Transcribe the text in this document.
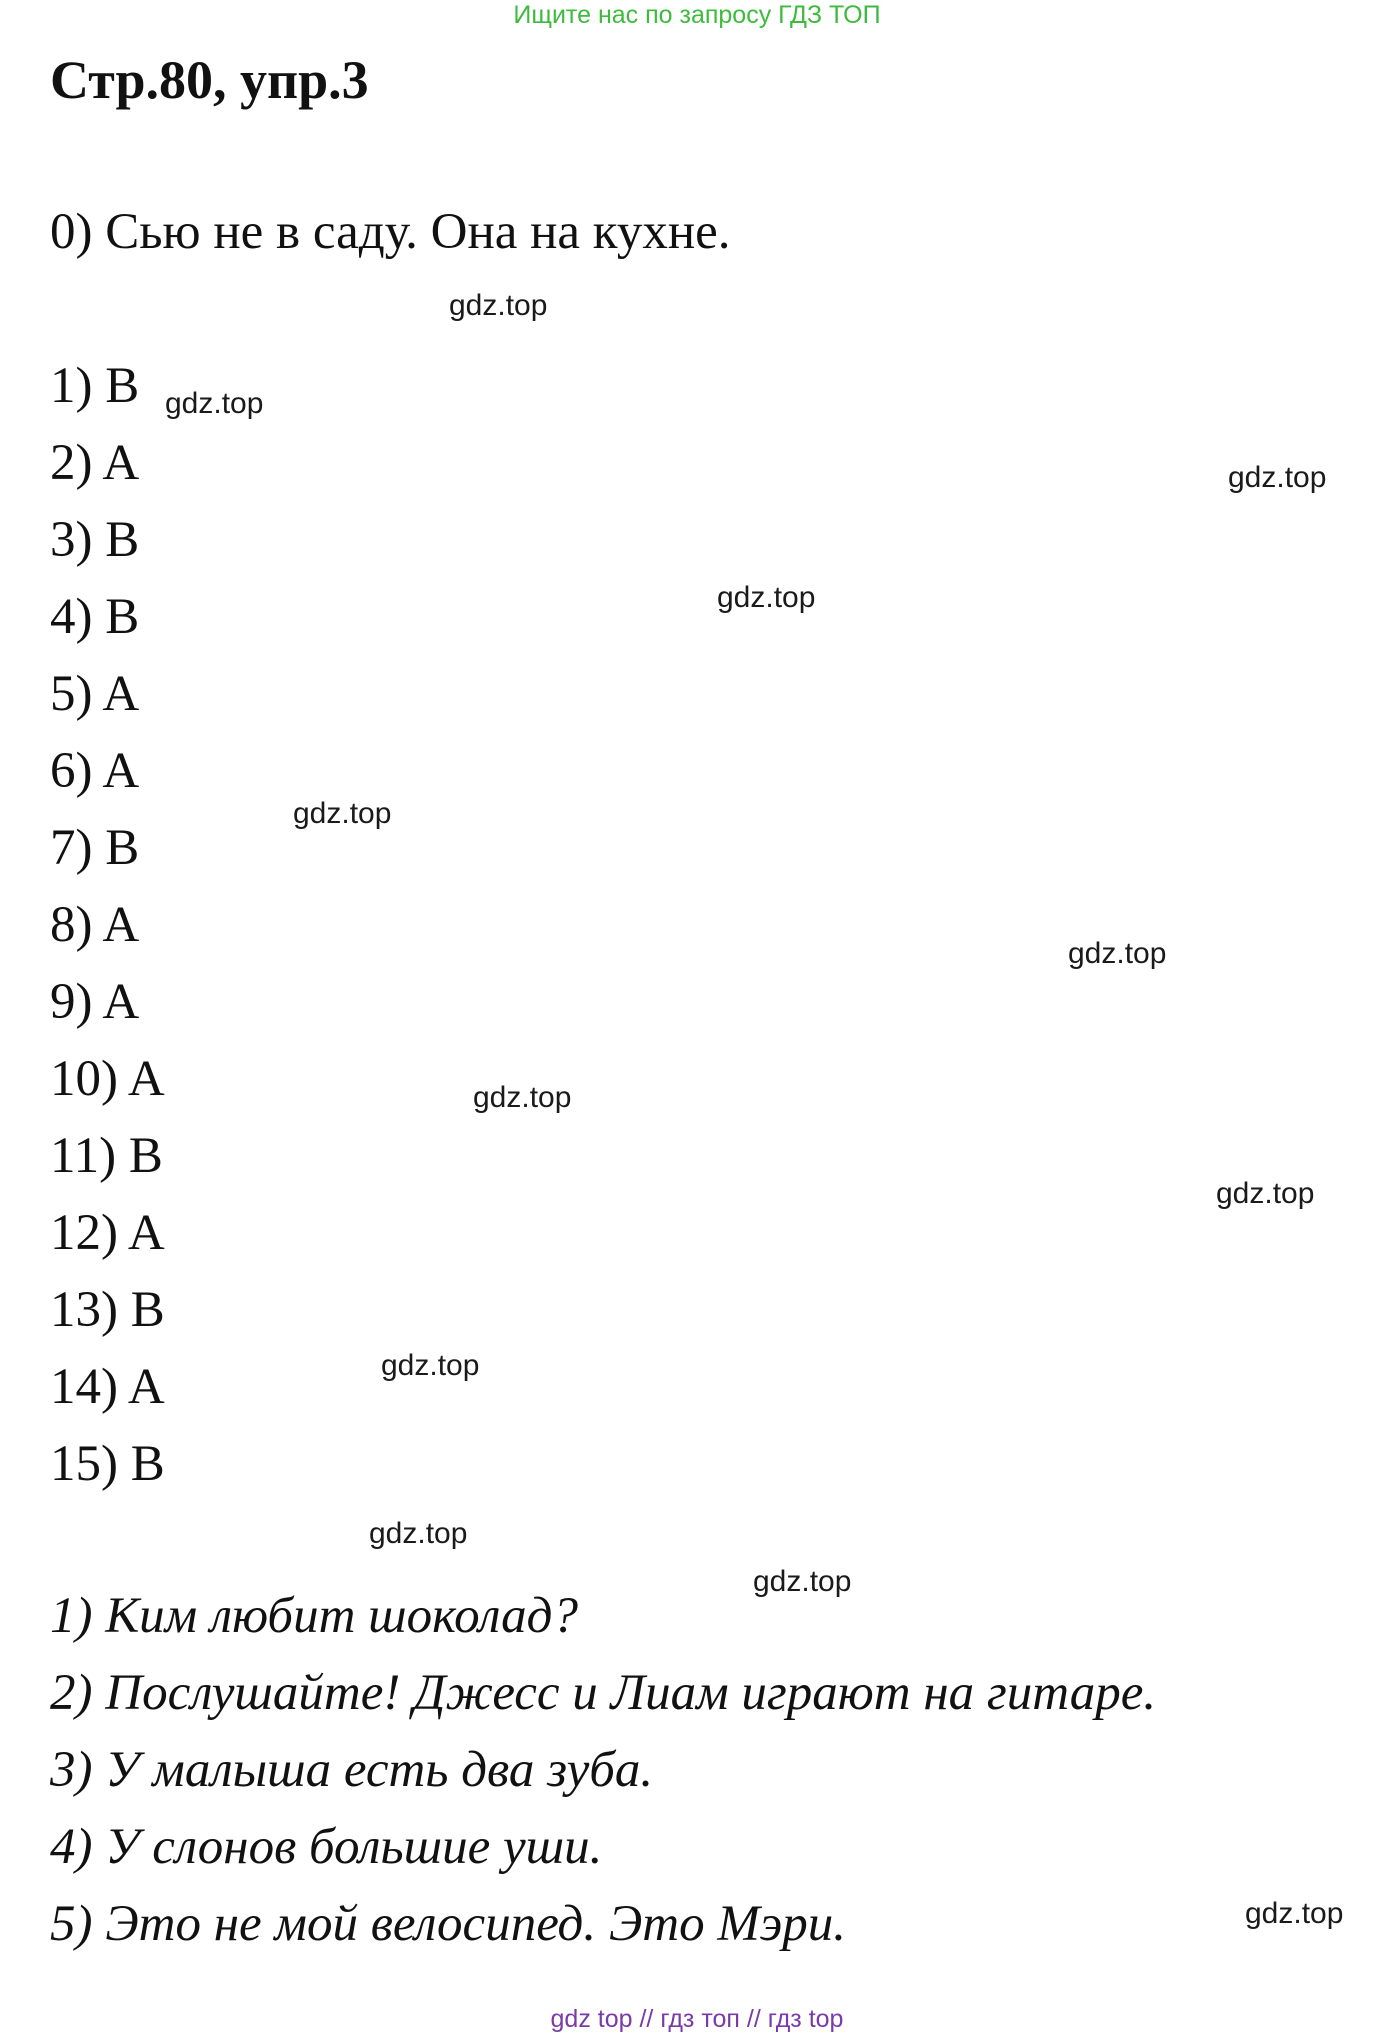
Ищите нас по запросу ГДЗ ТОП
Стр.80, упр.3
0) Сью не в саду. Она на кухне.
1) B
2) A
3) B
4) B
5) A
6) A
7) B
8) A
9) A
10) A
11) B
12) A
13) B
14) A
15) B
1) Ким любит шоколад?
2) Послушайте! Джесс и Лиам играют на гитаре.
3) У малыша есть два зуба.
4) У слонов большие уши.
5) Это не мой велосипед. Это Мэри.
gdz.top
gdz.top
gdz.top
gdz.top
gdz.top
gdz.top
gdz.top
gdz.top
gdz.top
gdz.top
gdz.top
gdz.top
gdz top // гдз топ // гдз top
